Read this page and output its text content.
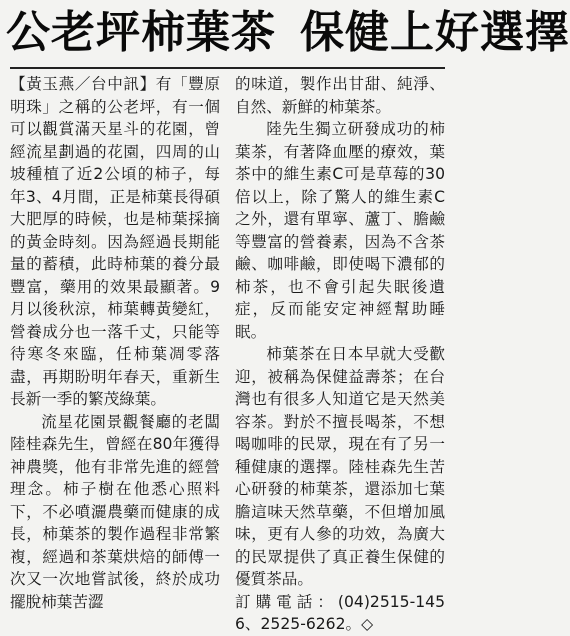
公老坪柿葉茶 保健上好選擇

【黃玉燕／台中訊】有「豐原明珠」之稱的公老坪，有一個可以觀賞滿天星斗的花園，曾經流星劃過的花園，四周的山坡種植了近2公頃的柿子，每年3、4月間，正是柿葉長得碩大肥厚的時候，也是柿葉採摘的黃金時刻。因為經過長期能量的蓄積，此時柿葉的養分最豐富，藥用的效果最顯著。9月以後秋涼，柿葉轉黃變紅，營養成分也一落千丈，只能等待寒冬來臨，任柿葉凋零落盡，再期盼明年春天，重新生長新一季的繁茂綠葉。

流星花園景觀餐廳的老闆陸桂森先生，曾經在80年獲得神農獎，他有非常先進的經營理念。柿子樹在他悉心照料下，不必噴灑農藥而健康的成長，柿葉茶的製作過程非常繁複，經過和茶葉烘焙的師傅一次又一次地嘗試後，終於成功擺脫柿葉苦澀

的味道，製作出甘甜、純淨、自然、新鮮的柿葉茶。

陸先生獨立研發成功的柿葉茶，有著降血壓的療效，葉茶中的維生素C可是草莓的30倍以上，除了驚人的維生素C之外，還有單寧、蘆丁、膽鹼等豐富的營養素，因為不含茶鹼、咖啡鹼，即使喝下濃郁的柿茶，也不會引起失眠後遺症，反而能安定神經幫助睡眠。

柿葉茶在日本早就大受歡迎，被稱為保健益壽茶；在台灣也有很多人知道它是天然美容茶。對於不擅長喝茶，不想喝咖啡的民眾，現在有了另一種健康的選擇。陸桂森先生苦心研發的柿葉茶，還添加七葉膽這味天然草藥，不但增加風味，更有人參的功效，為廣大的民眾提供了真正養生保健的優質茶品。

訂購電話：(04)2515-1456、2525-6262。◇
